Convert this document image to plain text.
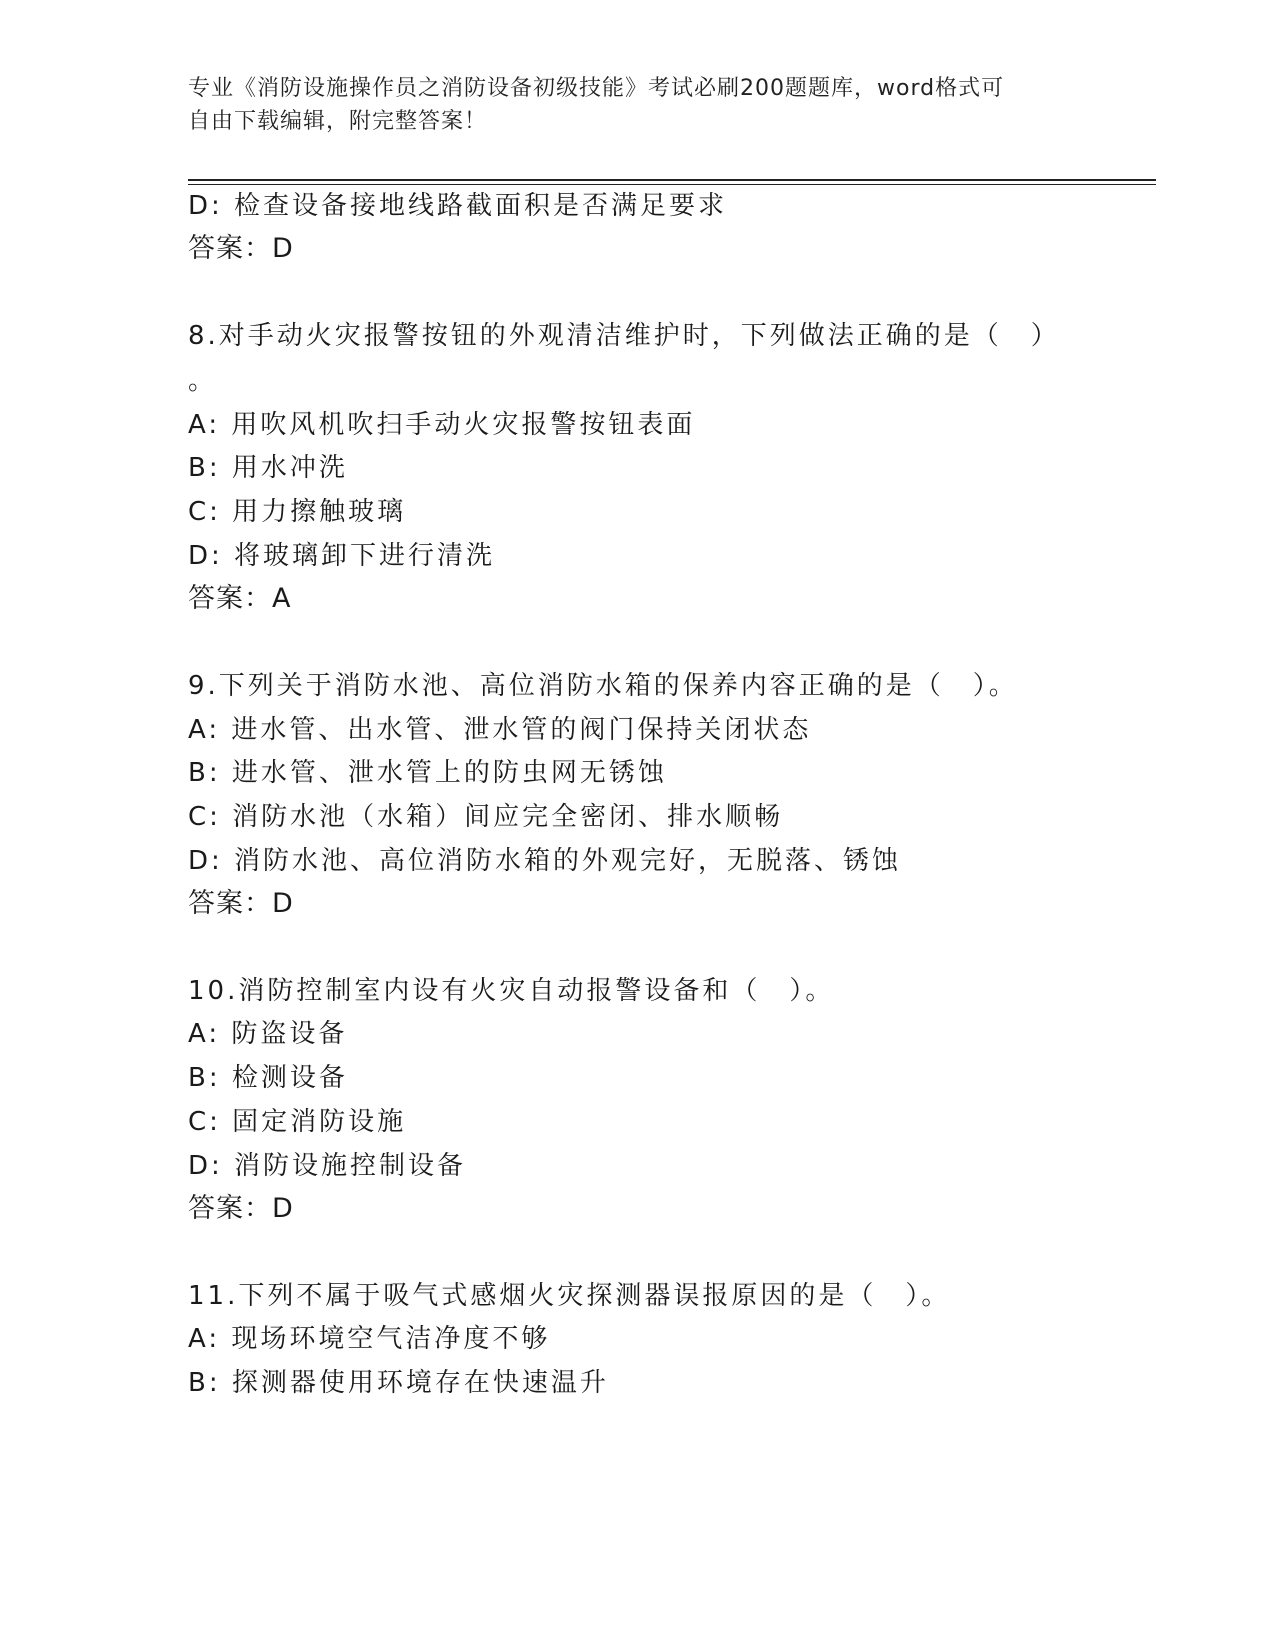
专业《消防设施操作员之消防设备初级技能》考试必刷200题题库，word格式可
自由下载编辑，附完整答案！
D: 检查设备接地线路截面积是否满足要求
答案：D
8.对手动火灾报警按钮的外观清洁维护时，下列做法正确的是（　）
。
A: 用吹风机吹扫手动火灾报警按钮表面
B: 用水冲洗
C: 用力擦触玻璃
D: 将玻璃卸下进行清洗
答案：A
9.下列关于消防水池、高位消防水箱的保养内容正确的是（　）。
A: 进水管、出水管、泄水管的阀门保持关闭状态
B: 进水管、泄水管上的防虫网无锈蚀
C: 消防水池（水箱）间应完全密闭、排水顺畅
D: 消防水池、高位消防水箱的外观完好，无脱落、锈蚀
答案：D
10.消防控制室内设有火灾自动报警设备和（　）。
A: 防盗设备
B: 检测设备
C: 固定消防设施
D: 消防设施控制设备
答案：D
11.下列不属于吸气式感烟火灾探测器误报原因的是（　）。
A: 现场环境空气洁净度不够
B: 探测器使用环境存在快速温升
